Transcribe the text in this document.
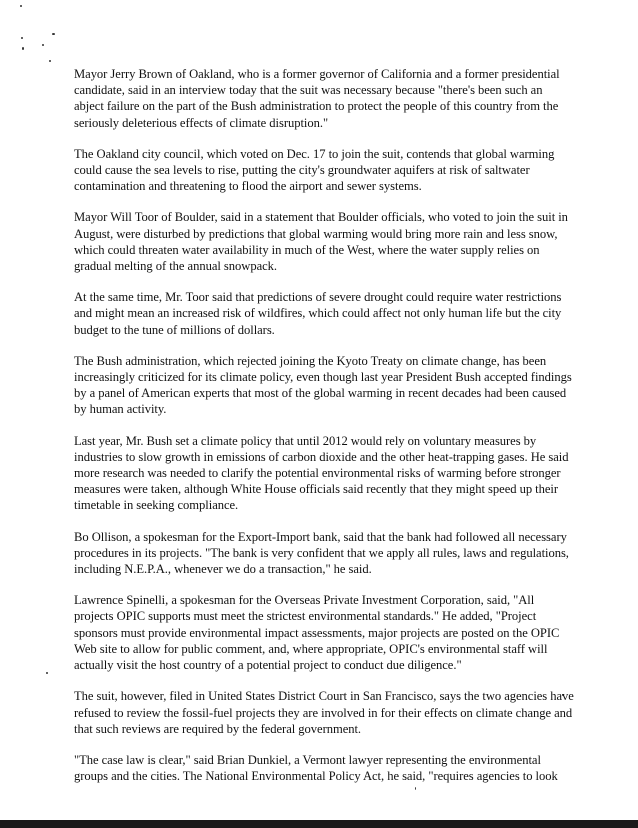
Mayor Jerry Brown of Oakland, who is a former governor of California and a former presidential candidate, said in an interview today that the suit was necessary because "there's been such an abject failure on the part of the Bush administration to protect the people of this country from the seriously deleterious effects of climate disruption."

The Oakland city council, which voted on Dec. 17 to join the suit, contends that global warming could cause the sea levels to rise, putting the city's groundwater aquifers at risk of saltwater contamination and threatening to flood the airport and sewer systems.

Mayor Will Toor of Boulder, said in a statement that Boulder officials, who voted to join the suit in August, were disturbed by predictions that global warming would bring more rain and less snow, which could threaten water availability in much of the West, where the water supply relies on gradual melting of the annual snowpack.

At the same time, Mr. Toor said that predictions of severe drought could require water restrictions and might mean an increased risk of wildfires, which could affect not only human life but the city budget to the tune of millions of dollars.

The Bush administration, which rejected joining the Kyoto Treaty on climate change, has been increasingly criticized for its climate policy, even though last year President Bush accepted findings by a panel of American experts that most of the global warming in recent decades had been caused by human activity.

Last year, Mr. Bush set a climate policy that until 2012 would rely on voluntary measures by industries to slow growth in emissions of carbon dioxide and the other heat-trapping gases. He said more research was needed to clarify the potential environmental risks of warming before stronger measures were taken, although White House officials said recently that they might speed up their timetable in seeking compliance.

Bo Ollison, a spokesman for the Export-Import bank, said that the bank had followed all necessary procedures in its projects. "The bank is very confident that we apply all rules, laws and regulations, including N.E.P.A., whenever we do a transaction," he said.

Lawrence Spinelli, a spokesman for the Overseas Private Investment Corporation, said, "All projects OPIC supports must meet the strictest environmental standards." He added, "Project sponsors must provide environmental impact assessments, major projects are posted on the OPIC Web site to allow for public comment, and, where appropriate, OPIC's environmental staff will actually visit the host country of a potential project to conduct due diligence."

The suit, however, filed in United States District Court in San Francisco, says the two agencies have refused to review the fossil-fuel projects they are involved in for their effects on climate change and that such reviews are required by the federal government.

"The case law is clear," said Brian Dunkiel, a Vermont lawyer representing the environmental groups and the cities. The National Environmental Policy Act, he said, "requires agencies to look
